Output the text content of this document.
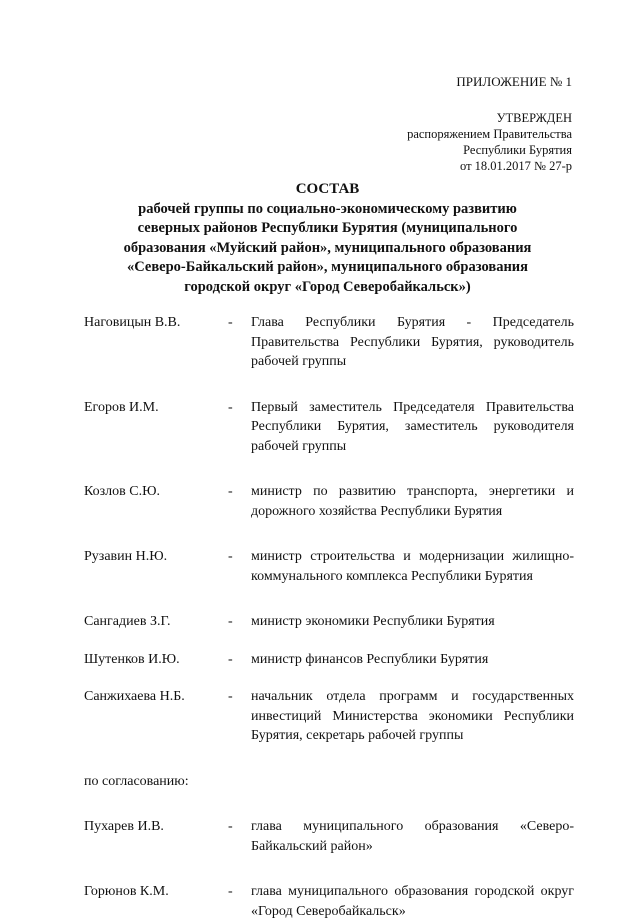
ПРИЛОЖЕНИЕ № 1
УТВЕРЖДЕН
распоряжением Правительства
Республики Бурятия
от 18.01.2017 № 27-р
СОСТАВ
рабочей группы по социально-экономическому развитию
северных районов Республики Бурятия (муниципального
образования «Муйский район», муниципального образования
«Северо-Байкальский район», муниципального образования
городской округ «Город Северобайкальск»)
Наговицын В.В.	- Глава Республики Бурятия - Председатель Правительства Республики Бурятия, руководитель рабочей группы
Егоров И.М.	- Первый заместитель Председателя Правительства Республики Бурятия, заместитель руководителя рабочей группы
Козлов С.Ю.	- министр по развитию транспорта, энергетики и дорожного хозяйства Республики Бурятия
Рузавин Н.Ю.	- министр строительства и модернизации жилищно-коммунального комплекса Республики Бурятия
Сангадиев З.Г.	- министр экономики Республики Бурятия
Шутенков И.Ю.	- министр финансов Республики Бурятия
Санжихаева Н.Б.	- начальник отдела программ и государственных инвестиций Министерства экономики Республики Бурятия, секретарь рабочей группы

по согласованию:

Пухарев И.В.	- глава муниципального образования «Северо-Байкальский район»
Горюнов К.М.	- глава муниципального образования городской округ «Город Северобайкальск»
